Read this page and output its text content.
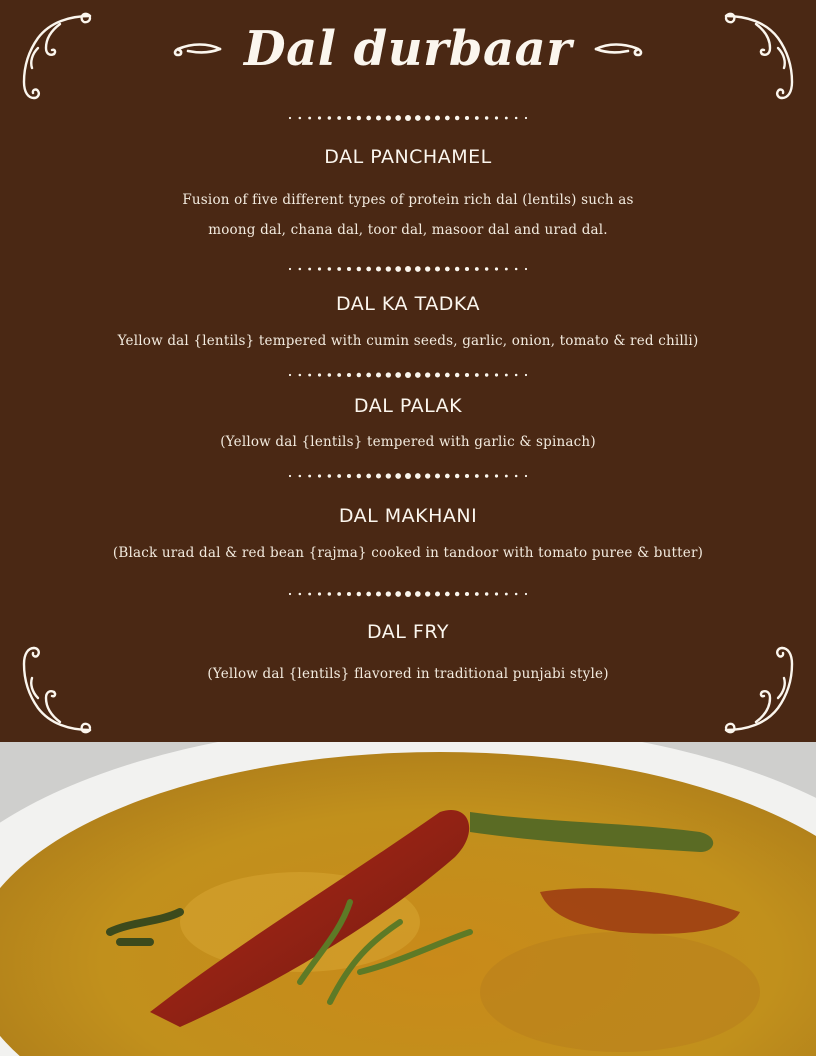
Dal durbaar
DAL PANCHAMEL
Fusion of five different types of protein rich dal (lentils) such as
moong dal, chana dal, toor dal, masoor dal and urad dal.
DAL KA TADKA
Yellow dal {lentils} tempered with cumin seeds, garlic, onion, tomato & red chilli)
DAL PALAK
(Yellow dal {lentils} tempered with garlic & spinach)
DAL MAKHANI
(Black urad dal & red bean {rajma} cooked in tandoor with tomato puree & butter)
DAL FRY
(Yellow dal {lentils} flavored in traditional punjabi style)
